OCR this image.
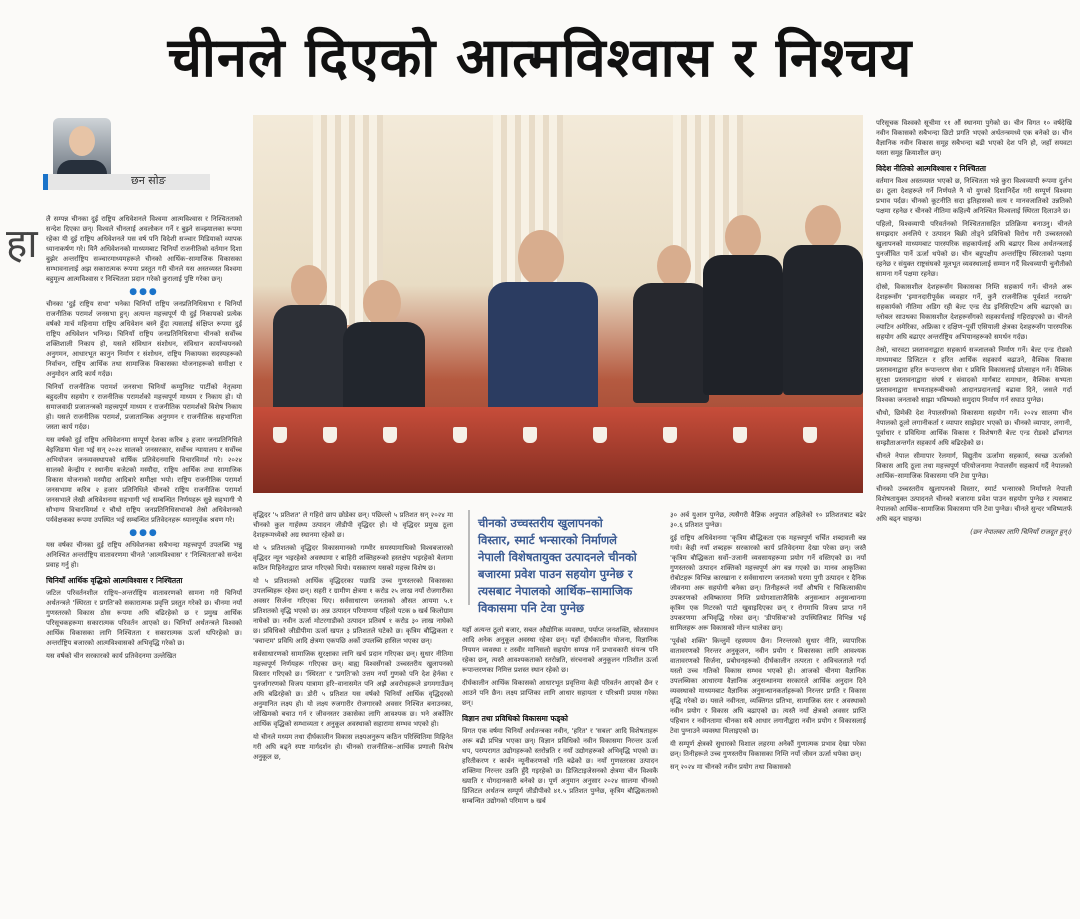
चीनले दिएको आत्मविश्वास र निश्चय
छन सोङ
हा

लै सम्पन्न चीनका दुई राष्ट्रिय अधिवेशनले विश्वमा आत्मविश्वास र निश्चितताको सन्देश दिएका छन्। विश्वले चीनलाई अवलोकन गर्ने र बुझ्ने सञ्झ्यालका रूपमा रहेका यी दुई राष्ट्रिय अधिवेशनले यस वर्ष पनि विदेशी सञ्चार मिडियाको व्यापक ध्यानाकर्षण गरे। यिनै अधिवेशनको माध्यमबाट चिनियाँ राजनीतिको वर्तमान दिशा बुझेर अन्तर्राष्ट्रिय सञ्चारमाध्यमहरूले चीनको आर्थिक–सामाजिक विकासका सम्भावनालाई अझ सकारात्मक रूपमा प्रस्तुत गरी चीनले यस अस्तव्यस्त विश्वमा बहुमूल्य आत्मविश्वास र निश्चितता प्रदान गरेको कुरालाई पुष्टि गरेका छन्।

●●●

चीनका 'दुई राष्ट्रिय सभा' भनेका चिनियाँ राष्ट्रिय जनप्रतिनिधिसभा र चिनियाँ राजनीतिक परामर्श जनसभा हुन्। अत्यन्त महत्त्वपूर्ण यी दुई निकायको प्रत्येक वर्षको मार्च महिनामा राष्ट्रिय अधिवेशन बस्ने हुँदा त्यसलाई संक्षिप्त रूपमा दुई राष्ट्रिय अधिवेशन भनिन्छ। चिनियाँ राष्ट्रिय जनप्रतिनिधिसभा चीनको सर्वोच्च शक्तिशाली निकाय हो, यसले संविधान संशोधन, संविधान कार्यान्वयनको अनुगमन, आधारभूत कानुन निर्माण र संशोधन, राष्ट्रिय निकायका सदस्यहरूको निर्वाचन, राष्ट्रिय आर्थिक तथा सामाजिक विकासका योजनाहरूको समीक्षा र अनुमोदन आदि कार्य गर्दछ।

चिनियाँ राजनीतिक परामर्श जनसभा चिनियाँ कम्युनिस्ट पार्टीको नेतृत्वमा बहुदलीय सहयोग र राजनीतिक परामर्शको महत्त्वपूर्ण माध्यम र निकाय हो। यो समाजवादी प्रजातन्त्रको महत्त्वपूर्ण माध्यम र राजनीतिक परामर्शको विशेष निकाय हो। यसले राजनीतिक परामर्श, प्रजातान्त्रिक अनुगमन र राजनीतिक सहभागिता जस्ता कार्य गर्दछ।

यस वर्षको दुई राष्ट्रिय अधिवेशनमा सम्पूर्ण देशका करिब ३ हजार जनप्रतिनिधिले बेइजिङमा भेला भई सन् २०२४ सालको जनसरकार, सर्वोच्च न्यायालय र सर्वोच्च अभियोजन जनव्यवस्थापको वार्षिक प्रतिवेदनमाथि विचारविमर्श गरे। २०२४ सालको केन्द्रीय र स्थानीय बजेटको मस्यौदा, राष्ट्रिय आर्थिक तथा सामाजिक विकास योजनाको मस्यौदा आदिबारे समीक्षा भयो। राष्ट्रिय राजनीतिक परामर्श जनसभामा करिब २ हजार प्रतिनिधिले चीनको राष्ट्रिय राजनीतिक परामर्श जनसभाले लेखी अधिवेशनमा सहभागी भई सम्बन्धित निर्णयहरू सुन्ने सहभागी भै सौभाग्य विचारविमर्श र चौथो राष्ट्रिय जनप्रतिनिधिसभाको तेस्रो अधिवेशनको पर्यवेक्षकका रूपमा उपस्थित भई सम्बन्धित प्रतिवेदनहरू ध्यानपूर्वक श्रवण गरे।

●●●

यस वर्षका चीनका दुई राष्ट्रिय अधिवेशनका सबैभन्दा महत्त्वपूर्ण उपलब्धि भन्नु अनिश्चित अन्तर्राष्ट्रिय वातावरणमा चीनले 'आत्मविश्वास' र 'निश्चितता'को सन्देश प्रवाह गर्नु हो।

चिनियाँ आर्थिक वृद्धिको आत्मविश्वास र निश्चितता

जटिल परिवर्तनशील राष्ट्रिय–अन्तर्राष्ट्रिय वातावरणको सामना गरी चिनियाँ अर्थतन्त्रले 'स्थिरता र प्रगति'को सकारात्मक प्रवृत्ति प्रस्तुत गरेको छ। चीनमा नयाँ गुणस्तरको विकास ठोस रूपमा अघि बढिरहेको छ र प्रमुख आर्थिक परिसूचकहरूमा सकारात्मक परिवर्तन आएको छ। चिनियाँ अर्थतन्त्रले विश्वको आर्थिक विकासका लागि निश्चितता र सकारात्मक ऊर्जा थपिरहेको छ। अन्तर्राष्ट्रिय बजारको आत्मविश्वासको अभिवृद्धि गरेको छ।

यस वर्षको चीन सरकारको कार्य प्रतिवेदनमा उल्लेखित

वृद्धिदर '५ प्रतिशत' ले गहिरो छाप छोडेका छन्। पछिल्लो ५ प्रतिशत सन् २०२४ मा चीनको कुल गार्हस्थ्य उत्पादन जीडीपी वृद्धिदर हो। यो वृद्धिदर प्रमुख ठूला देशहरूमध्येको अग्र स्थानमा रहेको छ।

यो ५ प्रतिशतको वृद्धिदर विकासमानको गम्भीर समस्यामाथिको विश्वबजारको वृद्धिदर न्यून भइरहेको अवस्थामा र बाहिरी शक्तिहरूको हस्तक्षेप भइरहेको बेलामा कठिन मिहिनेतद्वारा प्राप्त गरिएको थियो। यसकारण यसको महत्त्व विशेष छ।

यो ५ प्रतिशतको आर्थिक वृद्धिदरका पछाडि उच्च गुणस्तरको विकासका उपलब्धिहरू रहेका छन्। सहरी र ग्रामीण क्षेत्रमा १ करोड २५ लाख नयाँ रोजगारीका अवसर सिर्जना गरिएका थिए। सर्वसाधारण जनताको औसत आयमा ५.१ प्रतिशतको वृद्धि भएको छ। अन्न उत्पादन परिमाणमा पहिलो पटक ७ खर्ब किलोग्राम नाघेको छ। नवीन ऊर्जा मोटरगाडीको उत्पादन प्रतिवर्ष १ करोड ३० लाख नाघेको छ। प्रविधिको जीडीपीमा ऊर्जा खपत ३ प्रतिशतले घटेको छ। कृत्रिम बौद्धिकता र 'क्वान्टम' प्रविधि आदि क्षेत्रमा एकपछि अर्को उपलब्धि हासिल भएका छन्।

सर्वसाधारणको सामाजिक सुरक्षाका लागि खर्च प्रदान गरिएका छन्। सुधार नीतिमा महत्त्वपूर्ण निर्णयहरू गरिएका छन्। बाह्य विश्वसँगको उच्चस्तरीय खुलापनको विस्तार गरिएको छ। 'स्थिरता' र 'प्रगति'को उत्तम नयाँ गुणको पनि देश हेर्नका र पुनर्जागरणको विजय यात्रामा हरि–वानासमेत पनि अझै अवरोधहरूले डगमगाउँछन् अघि बढिरहेको छ। डोरी ५ प्रतिशत यस वर्षको चिनियाँ आर्थिक वृद्धिदरको अनुमानित लक्ष्य हो। यो लक्ष्य रुजगारीर रोजगारको अवसर निश्चित बनाउनका, जोखिमको बचाउ गर्न र जीवनस्तर उकासेका लागि आवश्यक छ। भने अर्कोतिर आर्थिक वृद्धिको सम्भाव्यता र अनुकूल अवस्थाको सहारामा सम्भव भएको हो।

यो चीनले मध्यम तथा दीर्घकालीन विकास लक्ष्यअनुरूप कठिन परिस्थितिमा मिहिनेत गरी अघि बढ्ने स्पष्ट मार्गदर्शन हो। चीनको राजनीतिक–आर्थिक प्रणाली विशेष अनुकूल छ,

चीनको उच्चस्तरीय खुलापनको विस्तार, स्मार्ट भन्सारको निर्माणले नेपाली विशेषतायुक्त उत्पादनले चीनको बजारमा प्रवेश पाउन सहयोग पुग्नेछ र त्यसबाट नेपालको आर्थिक–सामाजिक विकासमा पनि टेवा पुग्नेछ

यहाँ अत्यन्त ठूलो बजार, सबल औद्योगिक व्यवस्था, पर्याप्त जनशक्ति, स्रोतसाधन आदि अनेक अनुकूल अवस्था रहेका छन्। यहाँ दीर्घकालीन योजना, विज्ञानिक नियमन व्यवस्था र तस्वीर मानिसलो सहयोग सम्पन्न गर्ने प्रभावकारी संयन्त्र पनि रहेका छन्, त्यस्तै आवश्यकताको स्तरोन्नति, संरचनाको अनुकूलन गतिशील ऊर्जा रूपान्तरणका निमित्त प्रशस्त स्थान रहेको छ।

दीर्घकालीन आर्थिक विकासको आधारभूत प्रवृत्तिमा केही परिवर्तन आएको छैन र आउने पनि छैन। लक्ष्य प्राप्तिका लागि आधार सहायता र परिश्रमी प्रयास गरेका छन्।

विज्ञान तथा प्रविधिको विकासमा फड्को

विगत एक वर्षमा चिनियाँ अर्थतन्त्रका नवीन, 'हरित' र 'सबल' आदि विशेषताहरू अरू बढी प्रभिन्न भएका छन्। विज्ञान प्रविधिको नवीन विकासमा निरन्तर ऊर्जा थप, परम्परागत उद्योगहरूको स्तरोन्नति र नयाँ उद्योगहरूको अभिवृद्धि भएको छ। हरितीकरण र कार्बन न्यूनीकरणको गति बढेको छ। नयाँ गुणस्तरका उत्पादन शक्तिमा निरन्तर उन्नति हुँदै गइरहेको छ। डिजिटाइजेसनको क्षेत्रमा चीन विश्वकै ख्याति र योगदानकारी बनेको छ। पूर्ण अनुमान अनुसार २०२४ सालमा चीनको डिजिटल अर्थतन्त्र सम्पूर्ण जीडीपीको ४१.५ प्रतिशत पुग्नेछ, कृत्रिम बौद्धिकताको सम्बन्धित उद्योगको परिमाण ७ खर्ब

३० अर्ब युआन पुग्नेछ, त्यसैगरी वैज्ञिक अनुपात अहिलेको १० प्रतिशतबाट बढेर ३०.६ प्रतिशत पुग्नेछ।

दुई राष्ट्रिय अधिवेशनमा 'कृत्रिम बौद्धिकता एक महत्त्वपूर्ण चर्चित शब्दावली बन्न गयो। केही नयाँ शब्दहरू सरकारको कार्य प्रतिवेदनमा देखा परेका छन्। जस्तै 'कृत्रिम बौद्धिकता सर्वो–उजानी व्यवसायहरूमा प्रयोग गर्ने वस्तिएको छ। नयाँ गुणस्तरको उत्पादन शक्तिको महत्त्वपूर्ण अंग बन्न गएको छ। मानव आकृतिका रोबोटहरू विभिन्न कारखाना र सर्वसाधारण जनताको घरमा पुगी उत्पादन र दैनिक जीवनमा अरू सहयोगी बनेका छन्। तिनीहरूले नयाँ औषधि र चिकित्साकीय उपकरणको अविष्कारमा निम्ति प्रयोगशालाजैसिकै अनुसन्धान अनुसन्धानमा कृत्रिम एक मिटरको पाटो खुवाइदिएका छन् र रोगमाथि विजय प्राप्त गर्ने उपकरणमा अभिवृद्धि गरेका छन्। 'डीपसिक'को उपस्थितिबाट विभिन्न भई सामिलहरू अरू विकासको मोल्न थालेका छन्।

'पूर्वको शक्ति' किन्लुमें रहस्यमय छैन। निरन्तरको सुधार नीति, व्यापारिक वातावरणको निरन्तर अनुकूलन, नवीन प्रयोग र विकासका लागि आवश्यक वातावरणको सिर्जना, प्रबोधनहरूको दीर्घकालीन तत्परता र अविचलताले गर्दा यस्तो उच्च गतिको विकास सम्भव भएको हो। आजको चीनमा वैज्ञानिक उपलब्धिका आधारमा वैज्ञानिक अनुसन्धानमा सरकारले आर्थिक अनुदान दिने व्यवस्थाको माध्यमबाट वैज्ञानिक अनुसन्धानकर्ताहरूको निरन्तर प्रगति र विकास वृद्धि गरेको छ। यसले नवीनता, व्यक्तिगत प्रतिभा, सामाजिक स्तर र अवस्थाको नवीन प्रयोग र विकास अघि बढाएको छ। त्यस्तै नयाँ क्षेत्रको अवसर प्राप्ति पहिचान र नवीनतामा चीनका सबै आधार लगानीद्वारा नवीन प्रयोग र विकासलाई टेवा पुग्नाउने व्यवस्था मिलाइएको छ।

यी सम्पूर्ण क्षेत्रको सुधारको विशाल लहरमा अनेकौं गुणात्मक प्रभाव देखा परेका छन्। तिनीहरूले उच्च गुणस्तरीय विकासका निम्ति नयाँ जीवन ऊर्जा थपेका छन्।

सन् २०२४ मा चीनको नवीन प्रयोग तथा विकासको

परिसूचक विश्वको सूचीमा ११ औं स्थानमा पुगेको छ। चीन विगत १० वर्षदेखि नवीन विकासको सबैभन्दा छिटो प्रगति भएको अर्थतन्त्रमध्ये एक बनेको छ। चीन वैज्ञानिक नवीन विकास समूह सबैभन्दा बढी भएको देश पनि हो, जहाँ सयवटा यस्ता समूह क्रियाशील छन्।

विदेश नीतिको आत्मविश्वास र निश्चितता

वर्तमान विश्व अस्तव्यस्त भएको छ, निश्चितता भन्ने कुरा विश्वव्यापी रूपमा दुर्लभ छ। ठूला देशहरूले गर्ने निर्णयले नै यो युगको दिशानिर्देश गरी सम्पूर्ण विश्वमा प्रभाव पर्दछ। चीनको कूटनीति सदा इतिहासको सत्य र मानवजातिको उन्नतिको पक्षमा रहनेछ र चीनको नीतिमा कहिल्यै अनिश्चित विश्वलाई स्थिरता दिलाउने छ।

पहिलो, विश्वव्यापी परिवर्तनको निश्चिततासहित प्रतिक्रिया बनाउनु। चीनले समझदार अनलिये र उत्पादन बिक्री तोड्ने प्रविधिको विरोध गरी उच्चस्तरको खुलापनको माध्यमबाट पारस्परिक सहकार्यलाई अघि बढाएर विश्व अर्थतन्त्रलाई पुनर्जीवित पार्ने ऊर्जा थपेको छ। चीन बहुपक्षीय अन्तर्राष्ट्रिय स्थिरताको पक्षमा रहनेछ र संयुक्त राष्ट्रसंघको मूलभूत व्यवस्थालाई सम्मान गर्दै विश्वव्यापी चुनौतीको सामना गर्ने पक्षमा रहनेछ।

दोस्रो, विकासशील देशहरूसँग विकासका निम्ति सहकार्य गर्ने। चीनले अरू देशहरूसँग 'इमानदारीपूर्वक व्यवहार गर्ने, कुनै राजनीतिक पूर्वशर्त नराख्ने' सहकार्यको नीतिमा अडिग रही बेल्ट एन्ड रोड इनिसिएटिभ अघि बढाएको छ। ग्लोबल साउथका विकासशील देशहरूसँगको सहकार्यलाई गहिराइएको छ। चीनले ल्याटिन अमेरिका, अफ्रिका र दक्षिण–पूर्वी एसियाली क्षेत्रका देशहरूसँग पारस्परिक सहयोग अघि बढाएर अन्तर्राष्ट्रिय अभियानहरूको समर्थन गर्दछ।

तेस्रो, चारवटा प्रस्तावनाद्वारा सहकार्य सञ्जालको निर्माण गर्ने। बेल्ट एन्ड रोडको माध्यमबाट डिजिटल र हरित आर्थिक सहकार्य बढाउने, वैश्विक विकास प्रस्तावनाद्वारा हरित रूपान्तरण सेवा र प्रविधि विकासलाई प्रोत्साहन गर्ने। वैश्विक सुरक्षा प्रस्तावनाद्वारा संघर्ष र संवादको मार्गबाट समाधान, वैश्विक सभ्यता प्रस्तावनाद्वारा सभ्यताहरूबीचको आदानप्रदानलाई बढावा दिने, जसले गर्दा विश्वका जनताको साझा भविष्यको समुदाय निर्माण गर्न सघाउ पुग्नेछ।

चौथो, छिमेकी देश नेपालसँगको विकासमा सहयोग गर्ने। २०२४ सालमा चीन नेपालको ठूलो लगानीकर्ता र व्यापार साझेदार भएको छ। चीनको व्यापार, लगानी, पूर्वाधार र प्रविधिमा आर्थिक विकास र विशेषगरी बेल्ट एन्ड रोडको ढाँचागत सम्झौताअन्तर्गत सहकार्य अघि बढिरहेको छ।

चीनले नेपाल सीमापार रेलमार्ग, विद्युतीय ऊर्जामा सहकार्य, स्वच्छ ऊर्जाको विकास आदि ठूला तथा महत्त्वपूर्ण परियोजनामा नेपालसँग सहकार्य गर्दै नेपालको आर्थिक–सामाजिक विकासमा पनि टेवा पुग्नेछ।

चीनको उच्चस्तरीय खुलापनको विस्तार, स्मार्ट भन्सारको निर्माणले नेपाली विशेषतायुक्त उत्पादनले चीनको बजारमा प्रवेश पाउन सहयोग पुग्नेछ र त्यसबाट नेपालको आर्थिक–सामाजिक विकासमा पनि टेवा पुग्नेछ। चीनले सुन्दर भविष्यतर्फ अघि बढ्न चाहन्छ।

(छन नेपालका लागि चिनियाँ राजदूत हुन्।)
